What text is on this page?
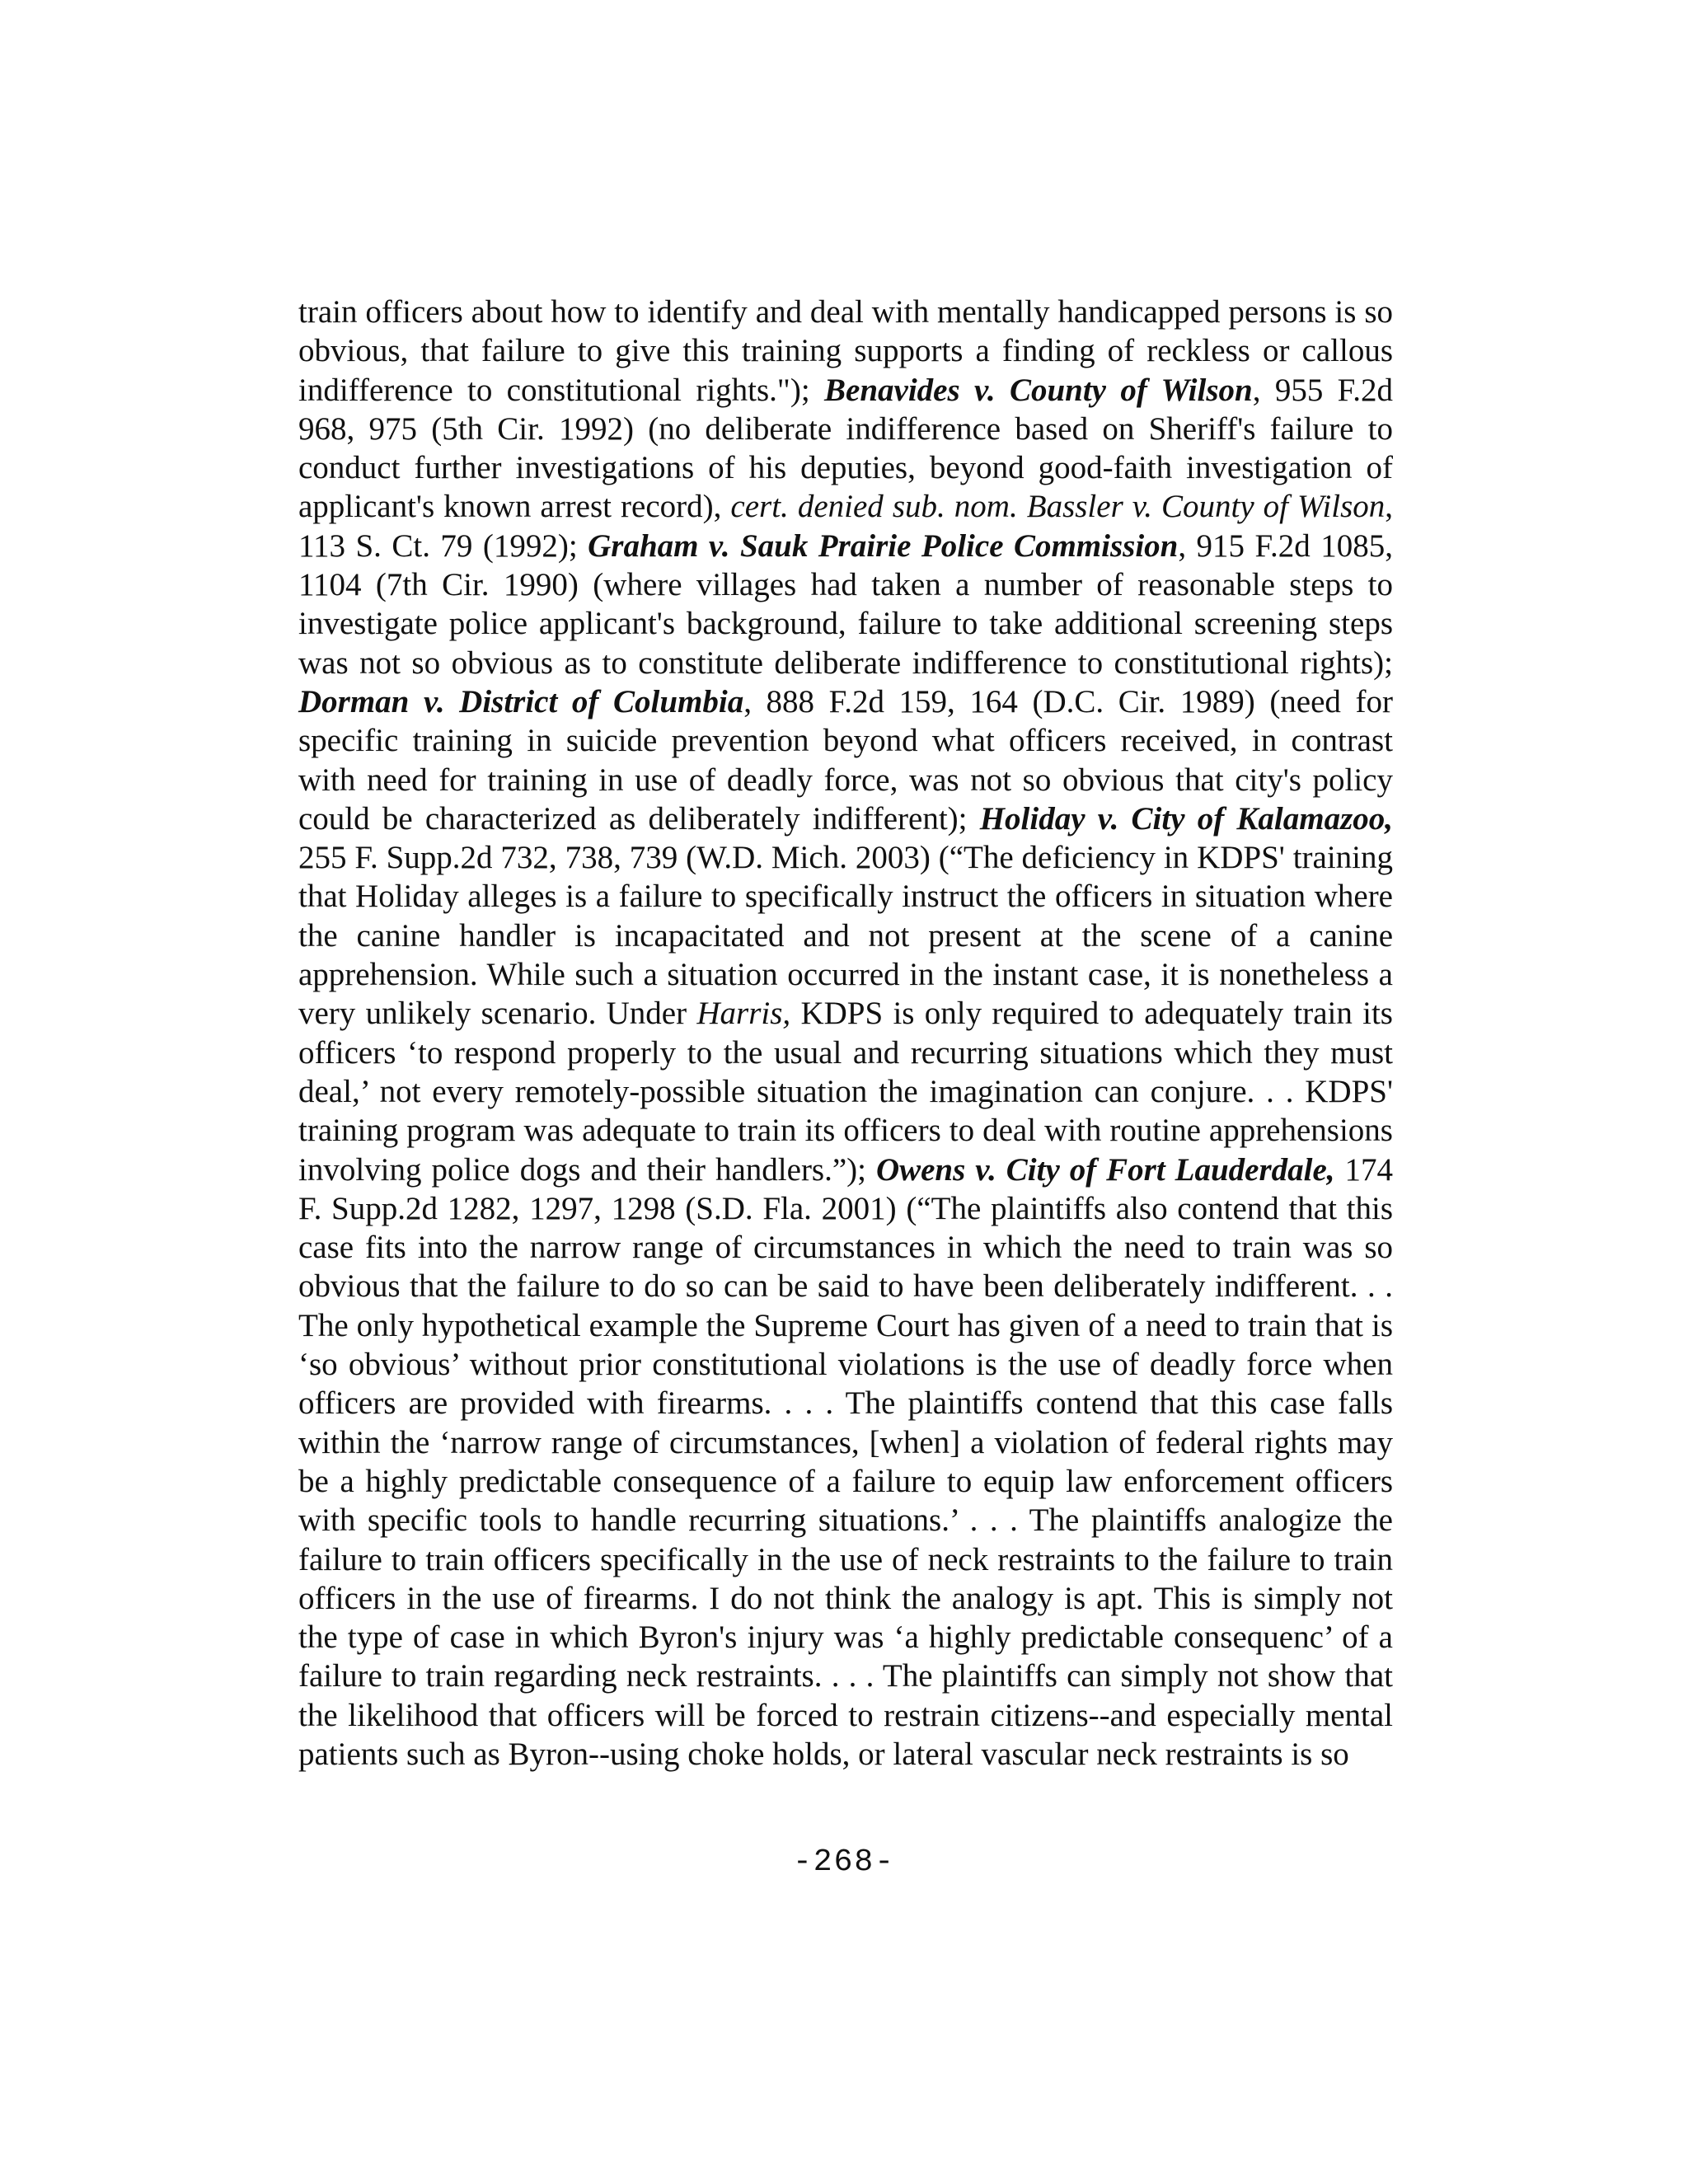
train officers about how to identify and deal with mentally handicapped persons is so obvious, that failure to give this training supports a finding of reckless or callous indifference to constitutional rights."); Benavides v. County of Wilson, 955 F.2d 968, 975 (5th Cir. 1992) (no deliberate indifference based on Sheriff's failure to conduct further investigations of his deputies, beyond good-faith investigation of applicant's known arrest record), cert. denied sub. nom. Bassler v. County of Wilson, 113 S. Ct. 79 (1992); Graham v. Sauk Prairie Police Commission, 915 F.2d 1085, 1104 (7th Cir. 1990) (where villages had taken a number of reasonable steps to investigate police applicant's background, failure to take additional screening steps was not so obvious as to constitute deliberate indifference to constitutional rights); Dorman v. District of Columbia, 888 F.2d 159, 164 (D.C. Cir. 1989) (need for specific training in suicide prevention beyond what officers received, in contrast with need for training in use of deadly force, was not so obvious that city's policy could be characterized as deliberately indifferent); Holiday v. City of Kalamazoo, 255 F. Supp.2d 732, 738, 739 (W.D. Mich. 2003) (“The deficiency in KDPS' training that Holiday alleges is a failure to specifically instruct the officers in situation where the canine handler is incapacitated and not present at the scene of a canine apprehension. While such a situation occurred in the instant case, it is nonetheless a very unlikely scenario. Under Harris, KDPS is only required to adequately train its officers ‘to respond properly to the usual and recurring situations which they must deal,’ not every remotely-possible situation the imagination can conjure. . . KDPS' training program was adequate to train its officers to deal with routine apprehensions involving police dogs and their handlers.”); Owens v. City of Fort Lauderdale, 174 F. Supp.2d 1282, 1297, 1298 (S.D. Fla. 2001) (“The plaintiffs also contend that this case fits into the narrow range of circumstances in which the need to train was so obvious that the failure to do so can be said to have been deliberately indifferent. . . The only hypothetical example the Supreme Court has given of a need to train that is ‘so obvious’ without prior constitutional violations is the use of deadly force when officers are provided with firearms. . . . The plaintiffs contend that this case falls within the ‘narrow range of circumstances, [when] a violation of federal rights may be a highly predictable consequence of a failure to equip law enforcement officers with specific tools to handle recurring situations.’ . . . The plaintiffs analogize the failure to train officers specifically in the use of neck restraints to the failure to train officers in the use of firearms. I do not think the analogy is apt. This is simply not the type of case in which Byron's injury was ‘a highly predictable consequenc’ of a failure to train regarding neck restraints. . . . The plaintiffs can simply not show that the likelihood that officers will be forced to restrain citizens--and especially mental patients such as Byron--using choke holds, or lateral vascular neck restraints is so

-268-
